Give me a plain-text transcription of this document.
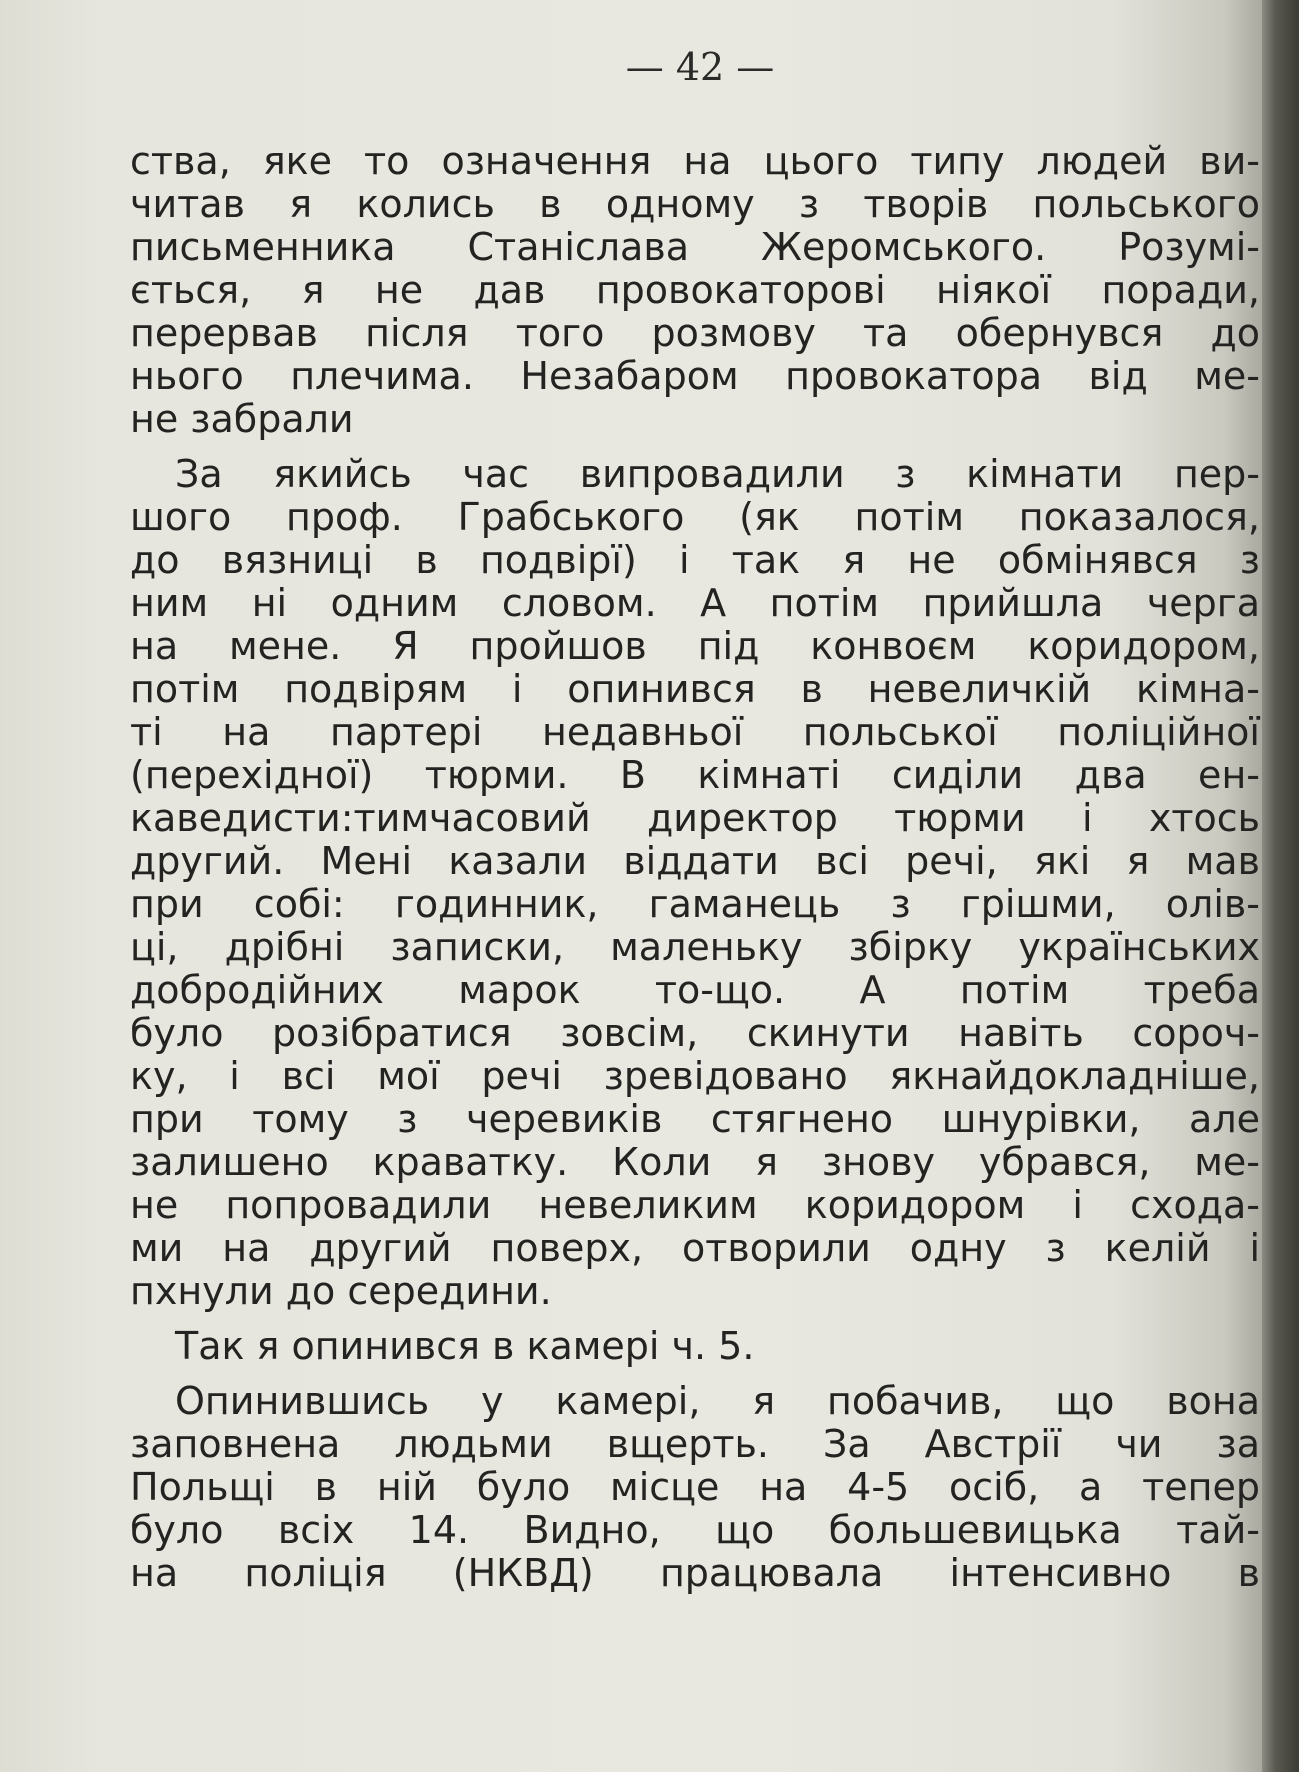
— 42 —
ства, яке то означення на цього типу людей ви-
читав я колись в одному з творів польського
письменника Станіслава Жеромського. Розумі-
ється, я не дав провокаторові ніякої поради,
перервав після того розмову та обернувся до
нього плечима. Незабаром провокатора від ме-
не забрали
За якийсь час випровадили з кімнати пер-
шого проф. Грабського (як потім показалося,
до вязниці в подвірї) і так я не обмінявся з
ним ні одним словом. А потім прийшла черга
на мене. Я пройшов під конвоєм коридором,
потім подвірям і опинився в невеличкій кімна-
ті на партері недавньої польської поліційної
(перехідної) тюрми. В кімнаті сиділи два ен-
каведисти:тимчасовий директор тюрми і хтось
другий. Мені казали віддати всі речі, які я мав
при собі: годинник, гаманець з грішми, олів-
ці, дрібні записки, маленьку збірку українських
добродійних марок то-що. А потім треба
було розібратися зовсім, скинути навіть сороч-
ку, і всі мої речі зревідовано якнайдокладніше,
при тому з черевиків стягнено шнурівки, але
залишено краватку. Коли я знову убрався, ме-
не попровадили невеликим коридором і схода-
ми на другий поверх, отворили одну з келій і
пхнули до середини.
Так я опинився в камері ч. 5.
Опинившись у камері, я побачив, що вона
заповнена людьми вщерть. За Австрії чи за
Польщі в ній було місце на 4-5 осіб, а тепер
було всіх 14. Видно, що большевицька тай-
на поліція (НКВД) працювала інтенсивно в
